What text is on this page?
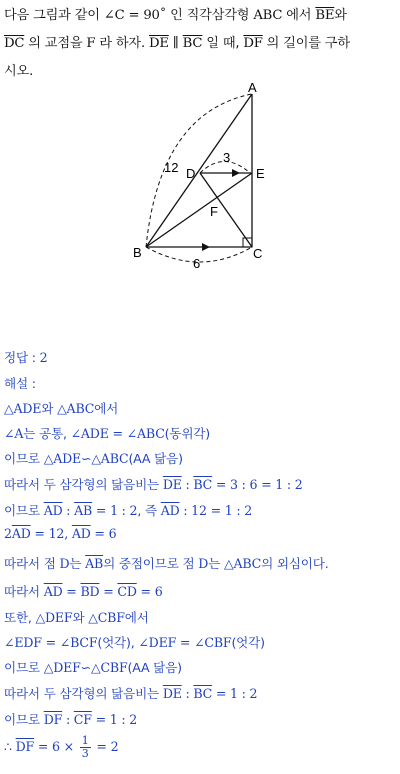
다음 그림과 같이 ∠C = 90˚ 인 직각삼각형 ABC 에서 $\overline{BE}$와
$\overline{DC}$ 의 교점을 F 라 하자. $\overline{DE}$ ∥ $\overline{BC}$ 일 때, $\overline{DF}$ 의 길이를 구하
시오.
A
B	C
D	E
F
12
3
6
정답 : 2
해설 :
△ADE와 △ABC에서
∠A는 공통, ∠ADE = ∠ABC(동위각)
이므로 △ADE∽△ABC(AA 닮음)
따라서 두 삼각형의 닮음비는 $\overline{DE}$ : $\overline{BC} = 3$ : 6 = 1 : 2
이므로 $\overline{AD}$ : $\overline{AB} = 1$ : 2, 즉 $\overline{AD}$ : 12 = 1 : 2
$2\overline{AD} = 12$, $\overline{AD} = 6$
따라서 점 D는 $\overline{AB}$의 중점이므로 점 D는 △ABC의 외심이다.
따라서 $\overline{AD} = \overline{BD} = \overline{CD} = 6$
또한, △DEF와 △CBF에서
∠EDF = ∠BCF(엇각), ∠DEF = ∠CBF(엇각)
이므로 △DEF∽△CBF(AA 닮음)
따라서 두 삼각형의 닮음비는 $\overline{DE}$ : $\overline{BC} = 1$ : 2
이므로 $\overline{DF}$ : $\overline{CF} = 1$ : 2
∴ $\overline{DF} = 6 \times \frac{1}{3} = 2$
